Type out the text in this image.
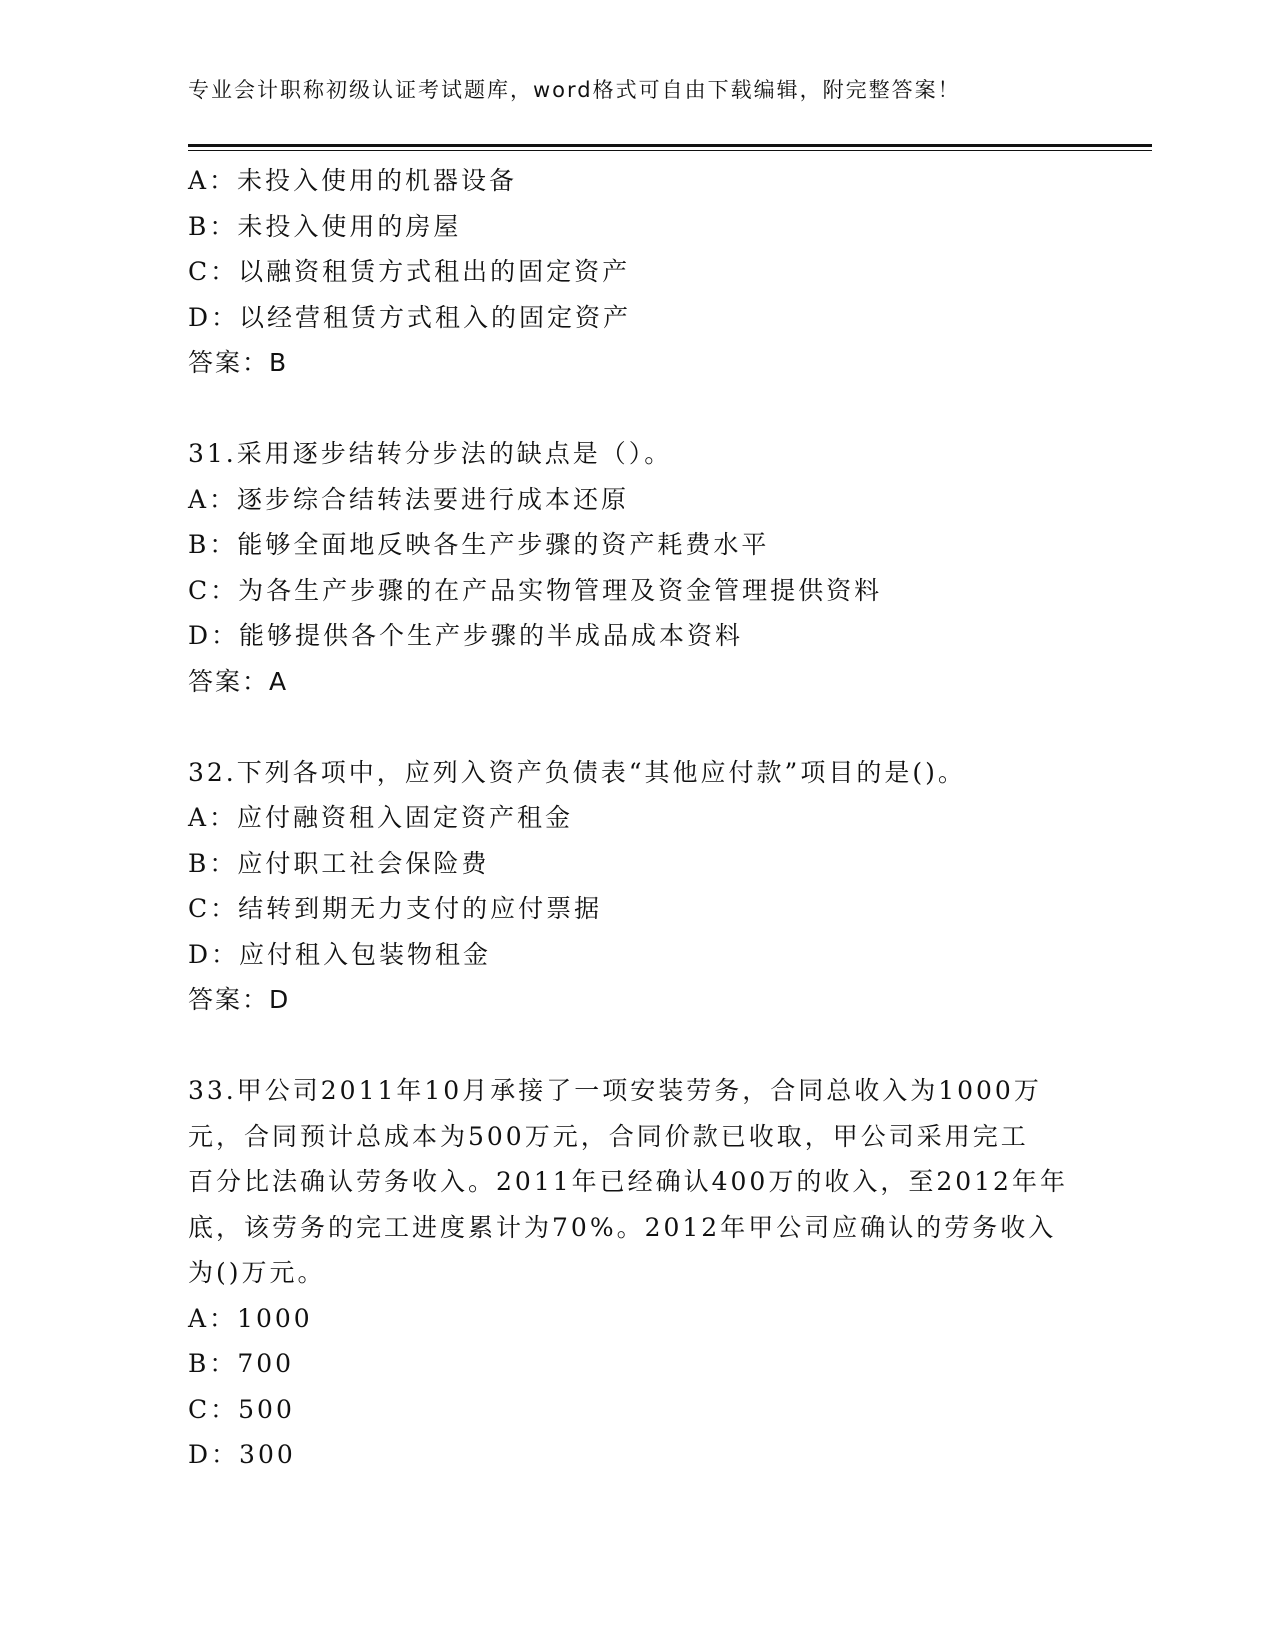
专业会计职称初级认证考试题库，word格式可自由下载编辑，附完整答案！
A：未投入使用的机器设备
B：未投入使用的房屋
C：以融资租赁方式租出的固定资产
D：以经营租赁方式租入的固定资产
答案：B
31.采用逐步结转分步法的缺点是（）。
A：逐步综合结转法要进行成本还原
B：能够全面地反映各生产步骤的资产耗费水平
C：为各生产步骤的在产品实物管理及资金管理提供资料
D：能够提供各个生产步骤的半成品成本资料
答案：A
32.下列各项中，应列入资产负债表“其他应付款”项目的是()。
A：应付融资租入固定资产租金
B：应付职工社会保险费
C：结转到期无力支付的应付票据
D：应付租入包装物租金
答案：D
33.甲公司2011年10月承接了一项安装劳务，合同总收入为1000万
元，合同预计总成本为500万元，合同价款已收取，甲公司采用完工
百分比法确认劳务收入。2011年已经确认400万的收入，至2012年年
底，该劳务的完工进度累计为70%。2012年甲公司应确认的劳务收入
为()万元。
A：1000
B：700
C：500
D：300
